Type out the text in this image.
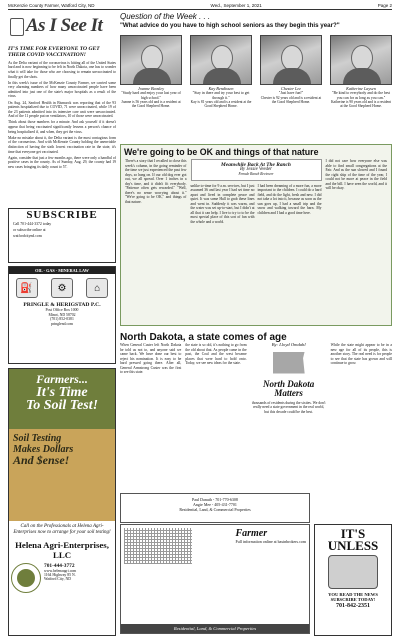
McKenzie County Farmer, Watford City, ND	Wed., September 1, 2021	Page 2
As I See It
IT'S TIME FOR EVERYONE TO GET THEIR COVID VACCINATION!

As the Delta variant of the coronavirus is hitting all of the United States hard and is now beginning to be felt in North Dakota, one has to wonder what it will take for those who are choosing to remain unvaccinated to finally get the shots.

In this week's issue of the McKenzie County Farmer, we carried some very alarming numbers of how many unvaccinated people have been admitted into just one of the state's major hospitals as a result of the virus.

On Aug. 24, Sanford Health in Bismarck was reporting that of the 93 patients hospitalized due to COVID, 71 were unvaccinated, while 19 of the 23 patients admitted into its intensive care unit were unvaccinated. And of the 11 people put on ventilators, 10 of those were unvaccinated.

Think about those numbers for a minute. And ask yourself if it doesn't appear that being vaccinated significantly lessens a person's chance of being hospitalized if, and when, they get the virus.

Make no mistake about it, the Delta variant is the most contagious form of the coronavirus. And with McKenzie County holding the unenviable distinction of having the sixth lowest vaccination rate in the state, it's time that everyone get vaccinated.

Again, consider that just a few months ago, there were only a handful of positive cases in the county. As of Sunday, Aug. 29, the county had 19 new cases bringing its daily count to 57.

Question of the Week . . .
"What advice do you have to high school seniors as they begin this year?"
Joanne Beasley
"Study hard and enjoy your last year of high school."
Joanne is 56 years old and is a resident at the Good Shepherd Home.
Kay Bendixsen
"Stay in there and try your best to get through it."
Kay is 81 years old and is a resident at the Good Shepherd Home.
Chester Lee
"Just have fun!"
Chester is 92 years old and is a resident at the Good Shepherd Home.
Katherine Laysen
"Be kind to everybody and do the best you can for as long as you can."
Katherine is 90 years old and is a resident at the Good Shepherd Home.
We're going to be OK and things of that nature
There's a story that I recalled to close this week's column, in the going reminder of the time we just experienced the past few days, so hang on. If our old dog ever got out, we all spread. Over 1 inches in a day's time, and it didn't fit everybody. "Patience often gets rewarded." "Well, there's no sense worrying about it." "We're going to be OK," and things of that nature.
Meanwhile Back At The Ranch
By Jessie Veeder
Female Ranch Reviewer
unlike to-time for 9 a.m. services, but I just assumed 36 and last year I had set time no apart and lived in complete peace and quiet. It was some Hall to grab these lines and went in. Suddenly it was warm, and the water was set up-to-start, but I didn't at all that it can help. I live to try to to be the most special place of this sort of fun with the whole and a world.
I had been dreaming of a more fun, a more important to the children. I could do a hard field, and do the light, fresh and new. I did not take a lot into it, because as soon as the sun goes up, I had a small trip and the snow and walking toward the barn. My children and I had a good time here.
I did not care how everyone else was able to find small congregations at the Fair. And as the sun slowed and I found the right ship of the time of the year, I could not be more at peace in the field and the bill. I have seen the world, and it will be okay.
SUBSCRIBE
Call 701-444-3372 today
or subscribe online at
watfordcitynd.com
OIL - GAS - MINERAL LAW
⛽	⚙	⌂
PRINGLE & HERIGSTAD P.C.
Post Office Box 1000
Minot, ND 58702
(701) 852-0381
pringlend.com
Farmers...
It's Time
To Soil Test!
Soil Testing
Makes Dollars
And $ense!
Call on the Professionals at Helena Agri-Enterprises now to arrange for your soil testing!
Helena Agri-Enterprises, LLC
701-444-3772
www.helenaagri.com
1164 Highway 85 N.
Watford City, ND
North Dakota, a state comes of age
When General Custer left North Dakota he told us not to, and anyone said we came back. We have done our best to reject his nomination. It is easy to be hard pressed going there. After all, General Armstrong Custer was the first to see this state.
the state is so old, it's nothing to go from the old about that. As people came in the past, the Coal and the west became places that were hard to hold onto. Today, we see new ideas for the state.
By: Lloyd Omdahl
North Dakota Matters
thousands of residents during the sixties. We don't really need a state government in the real world, but this decade could be the best.
While the state might appear to be in a new age for all of its people, this is another story. The real need is for people to see that the state has grown and will continue to grow.
Paul Danuth - 701-770-6308
Angie Mee - 405-431-7701
Residential, Land, & Commercial Properties
Farmer
Full information online at basinbrokers.com
Residential, Land, & Commercial Properties
IT'S UNLESS
YOU READ THE NEWS
SUBSCRIBE TODAY!
701-842-2351
